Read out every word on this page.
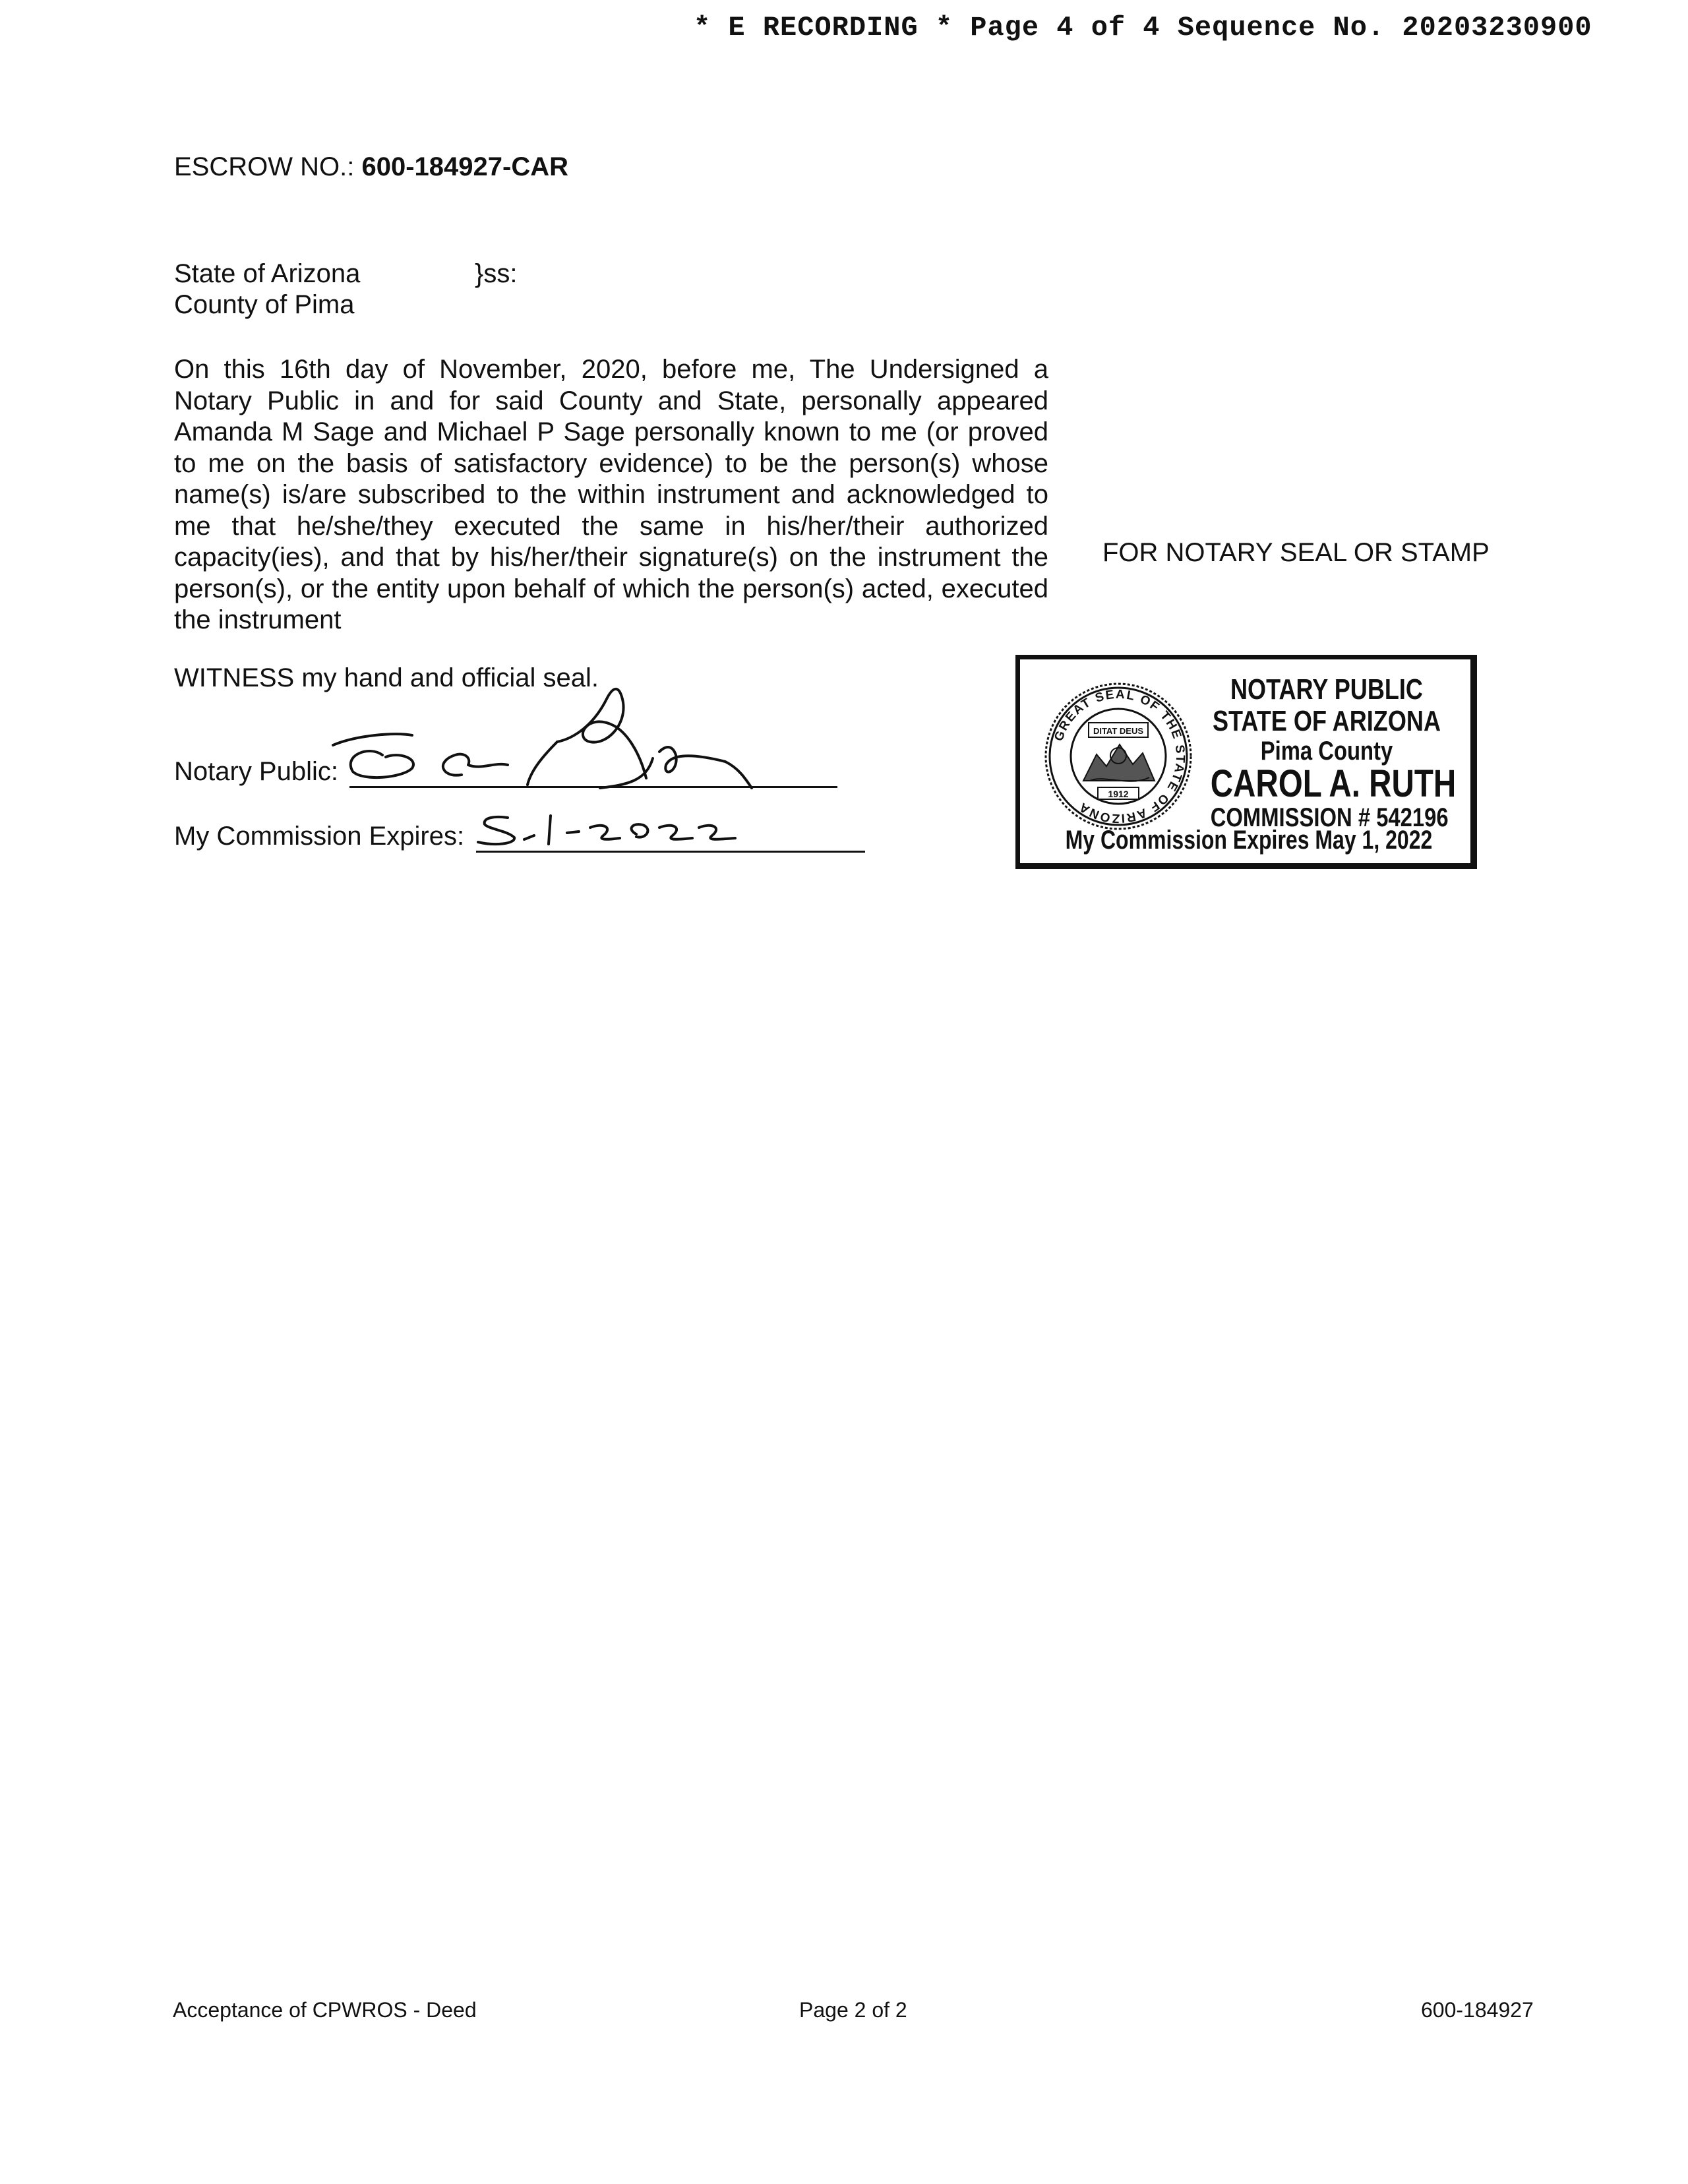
* E RECORDING * Page 4 of 4 Sequence No. 20203230900
ESCROW NO.: 600-184927-CAR
State of Arizona
County of Pima
}ss:

On this 16th day of November, 2020, before me, The Undersigned a Notary Public in and for said County and State, personally appeared Amanda M Sage and Michael P Sage personally known to me (or proved to me on the basis of satisfactory evidence) to be the person(s) whose name(s) is/are subscribed to the within instrument and acknowledged to me that he/she/they executed the same in his/her/their authorized capacity(ies), and that by his/her/their signature(s) on the instrument the person(s), or the entity upon behalf of which the person(s) acted, executed the instrument

FOR NOTARY SEAL OR STAMP
WITNESS my hand and official seal.
Notary Public:
My Commission Expires:
GREAT SEAL OF THE STATE OF ARIZONA
DITAT DEUS
1912
NOTARY PUBLIC
STATE OF ARIZONA
Pima County
CAROL A. RUTH
COMMISSION # 542196
My Commission Expires May 1, 2022
Acceptance of CPWROS - Deed	Page 2 of 2	600-184927
